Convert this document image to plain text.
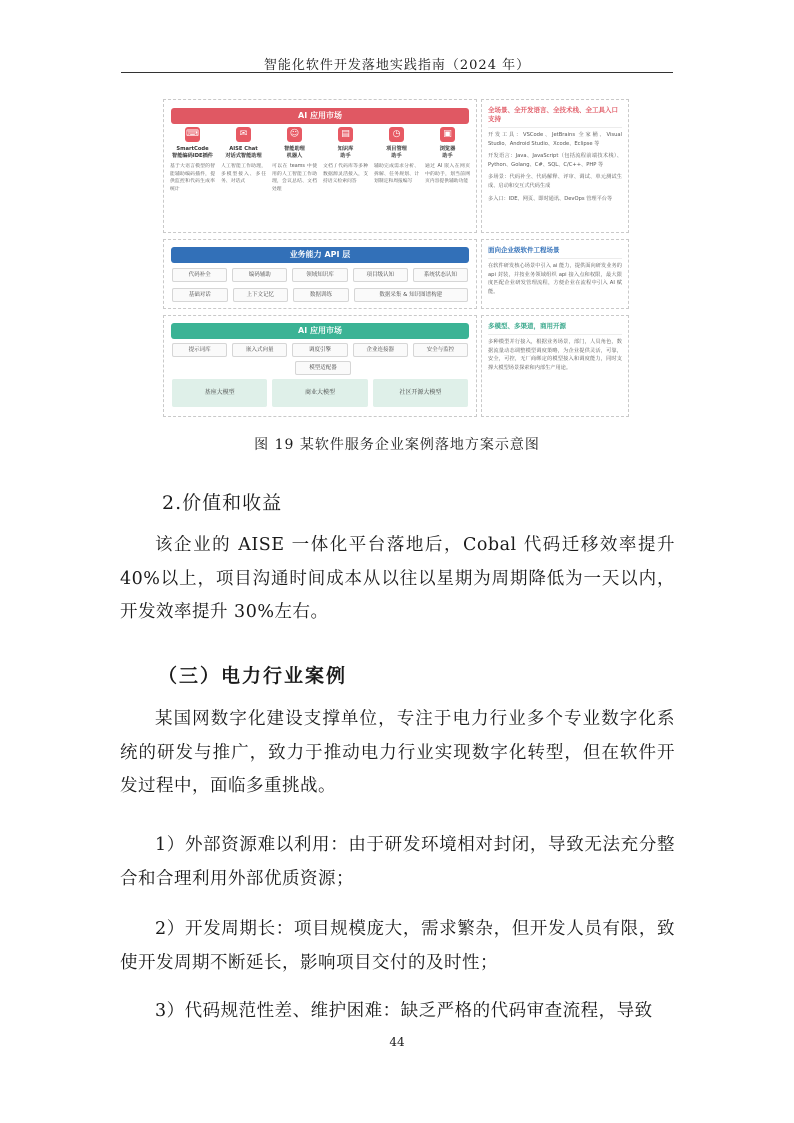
智能化软件开发落地实践指南（2024 年）
AI 应用市场
⌨
SmartCode
智能编码IDE插件
基于大语言模型的智能辅助编码插件，提供监控和代码生成率统计
✉
AISE Chat
对话式智能助理
人工智能工作助理，多模型接入、多任务、对话式
☺
智能助理
机器人
可以在 teams 中使用的人工智能工作助理，会议总结、文档处理
▤
知识库
助手
文档 / 代码库等多种数据源灵活接入，支持语义检索问答
◷
项目管理
助手
辅助完成需求分析、拆解、任务规划、计划制定和周报编写
▣
浏览器
助手
通过 AI 嵌入在网页中的助手，划当前网页内容提供辅助功能
业务能力 API 层
代码补全	编码辅助	领域知识库	项目级认知	系统状态认知
基础对话	上下文记忆	数据训练	数据采集 & 知识图谱构建
AI 应用市场
提示词库	嵌入式向量	调度引擎	企业连接器	安全与监控
模型适配器
基座大模型	商业大模型	社区开源大模型
全场景、全开发语言、全技术栈、全工具入口支持
开发工具：VSCode、JetBrains 全家桶、Visual Studio、Android Studio、Xcode、Eclipse 等
开发语言：Java、JavaScript（包括流程前端技术栈）、Python、Golang、C#、SQL、C/C++、PHP 等
多场景：代码补全、代码解释、评审、调试、单元测试生成、启动和交互式代码生成
多入口：IDE、网页、即时通讯、DevOps 管理平台等
面向企业级软件工程场景
在软件研发核心场景中引入 ai 能力，提供面向研发业务的 api 封装，并按业务领域组织 api 接入点和权限，最大限度匹配企业研发管理流程，方便企业在流程中引入 AI 赋能。
多模型、多渠道，商用开源
多种模型并行接入，根据业务场景，部门，人员角色，数据流量动态调整模型调度策略，为企业提供灵活，可靠，安全，可控，无厂商绑定的模型接入和调度能力，同时支撑大模型场景探索和内部生产用途。
图 19 某软件服务企业案例落地方案示意图
2.价值和收益

该企业的 AISE 一体化平台落地后，Cobal 代码迁移效率提升 40%以上，项目沟通时间成本从以往以星期为周期降低为一天以内，开发效率提升 30%左右。

（三）电力行业案例

某国网数字化建设支撑单位，专注于电力行业多个专业数字化系统的研发与推广，致力于推动电力行业实现数字化转型，但在软件开发过程中，面临多重挑战。

1）外部资源难以利用：由于研发环境相对封闭，导致无法充分整合和合理利用外部优质资源；

2）开发周期长：项目规模庞大，需求繁杂，但开发人员有限，致使开发周期不断延长，影响项目交付的及时性；

3）代码规范性差、维护困难：缺乏严格的代码审查流程，导致

44
